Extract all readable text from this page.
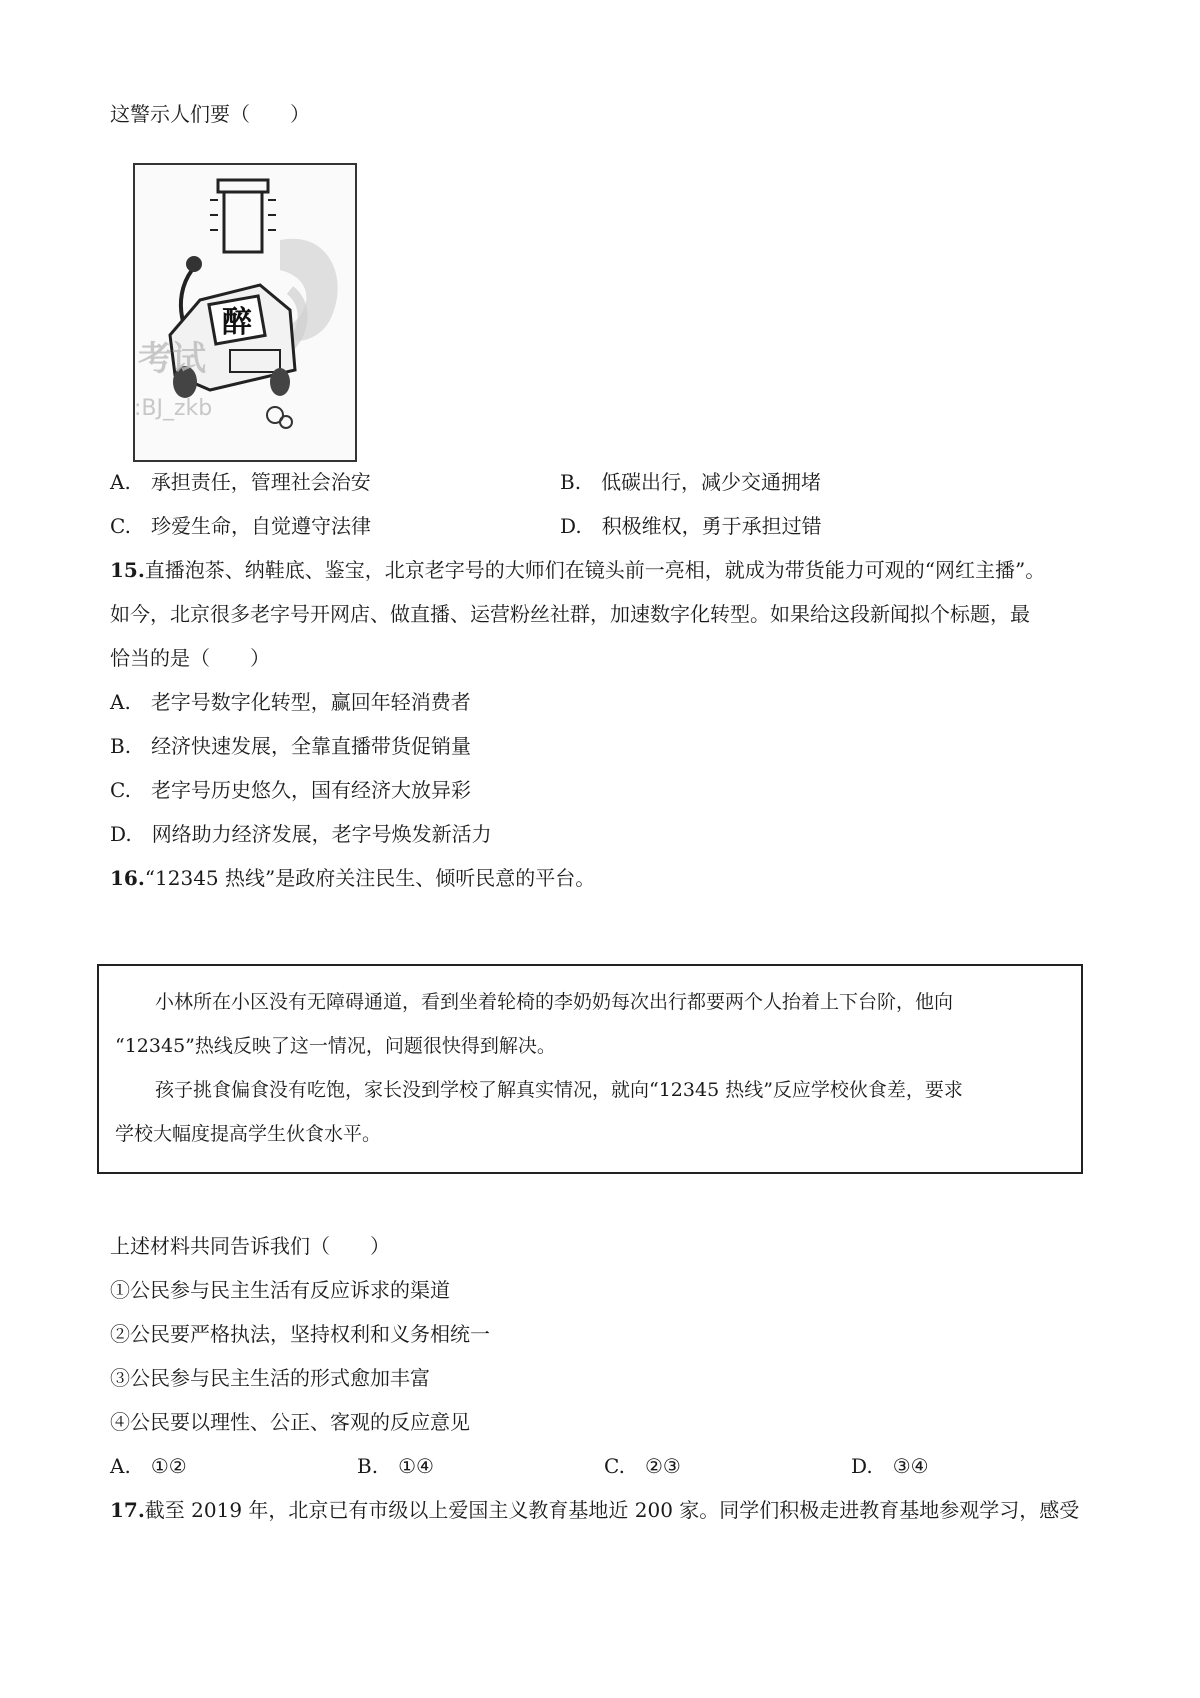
这警示人们要（　　）
醉
考试
:BJ_zkb
A.  承担责任，管理社会治安	B.  低碳出行，减少交通拥堵
C.  珍爱生命，自觉遵守法律	D.  积极维权，勇于承担过错
15.直播泡茶、纳鞋底、鉴宝，北京老字号的大师们在镜头前一亮相，就成为带货能力可观的“网红主播”。
如今，北京很多老字号开网店、做直播、运营粉丝社群，加速数字化转型。如果给这段新闻拟个标题，最
恰当的是（　　）
A.  老字号数字化转型，赢回年轻消费者
B.  经济快速发展，全靠直播带货促销量
C.  老字号历史悠久，国有经济大放异彩
D.  网络助力经济发展，老字号焕发新活力
16.“12345 热线”是政府关注民生、倾听民意的平台。
小林所在小区没有无障碍通道，看到坐着轮椅的李奶奶每次出行都要两个人抬着上下台阶，他向
“12345”热线反映了这一情况，问题很快得到解决。
孩子挑食偏食没有吃饱，家长没到学校了解真实情况，就向“12345 热线”反应学校伙食差，要求
学校大幅度提高学生伙食水平。
上述材料共同告诉我们（　　）
①公民参与民主生活有反应诉求的渠道
②公民要严格执法，坚持权利和义务相统一
③公民参与民主生活的形式愈加丰富
④公民要以理性、公正、客观的反应意见
A.  ①②	B.  ①④	C.  ②③	D.  ③④
17.截至 2019 年，北京已有市级以上爱国主义教育基地近 200 家。同学们积极走进教育基地参观学习，感受
